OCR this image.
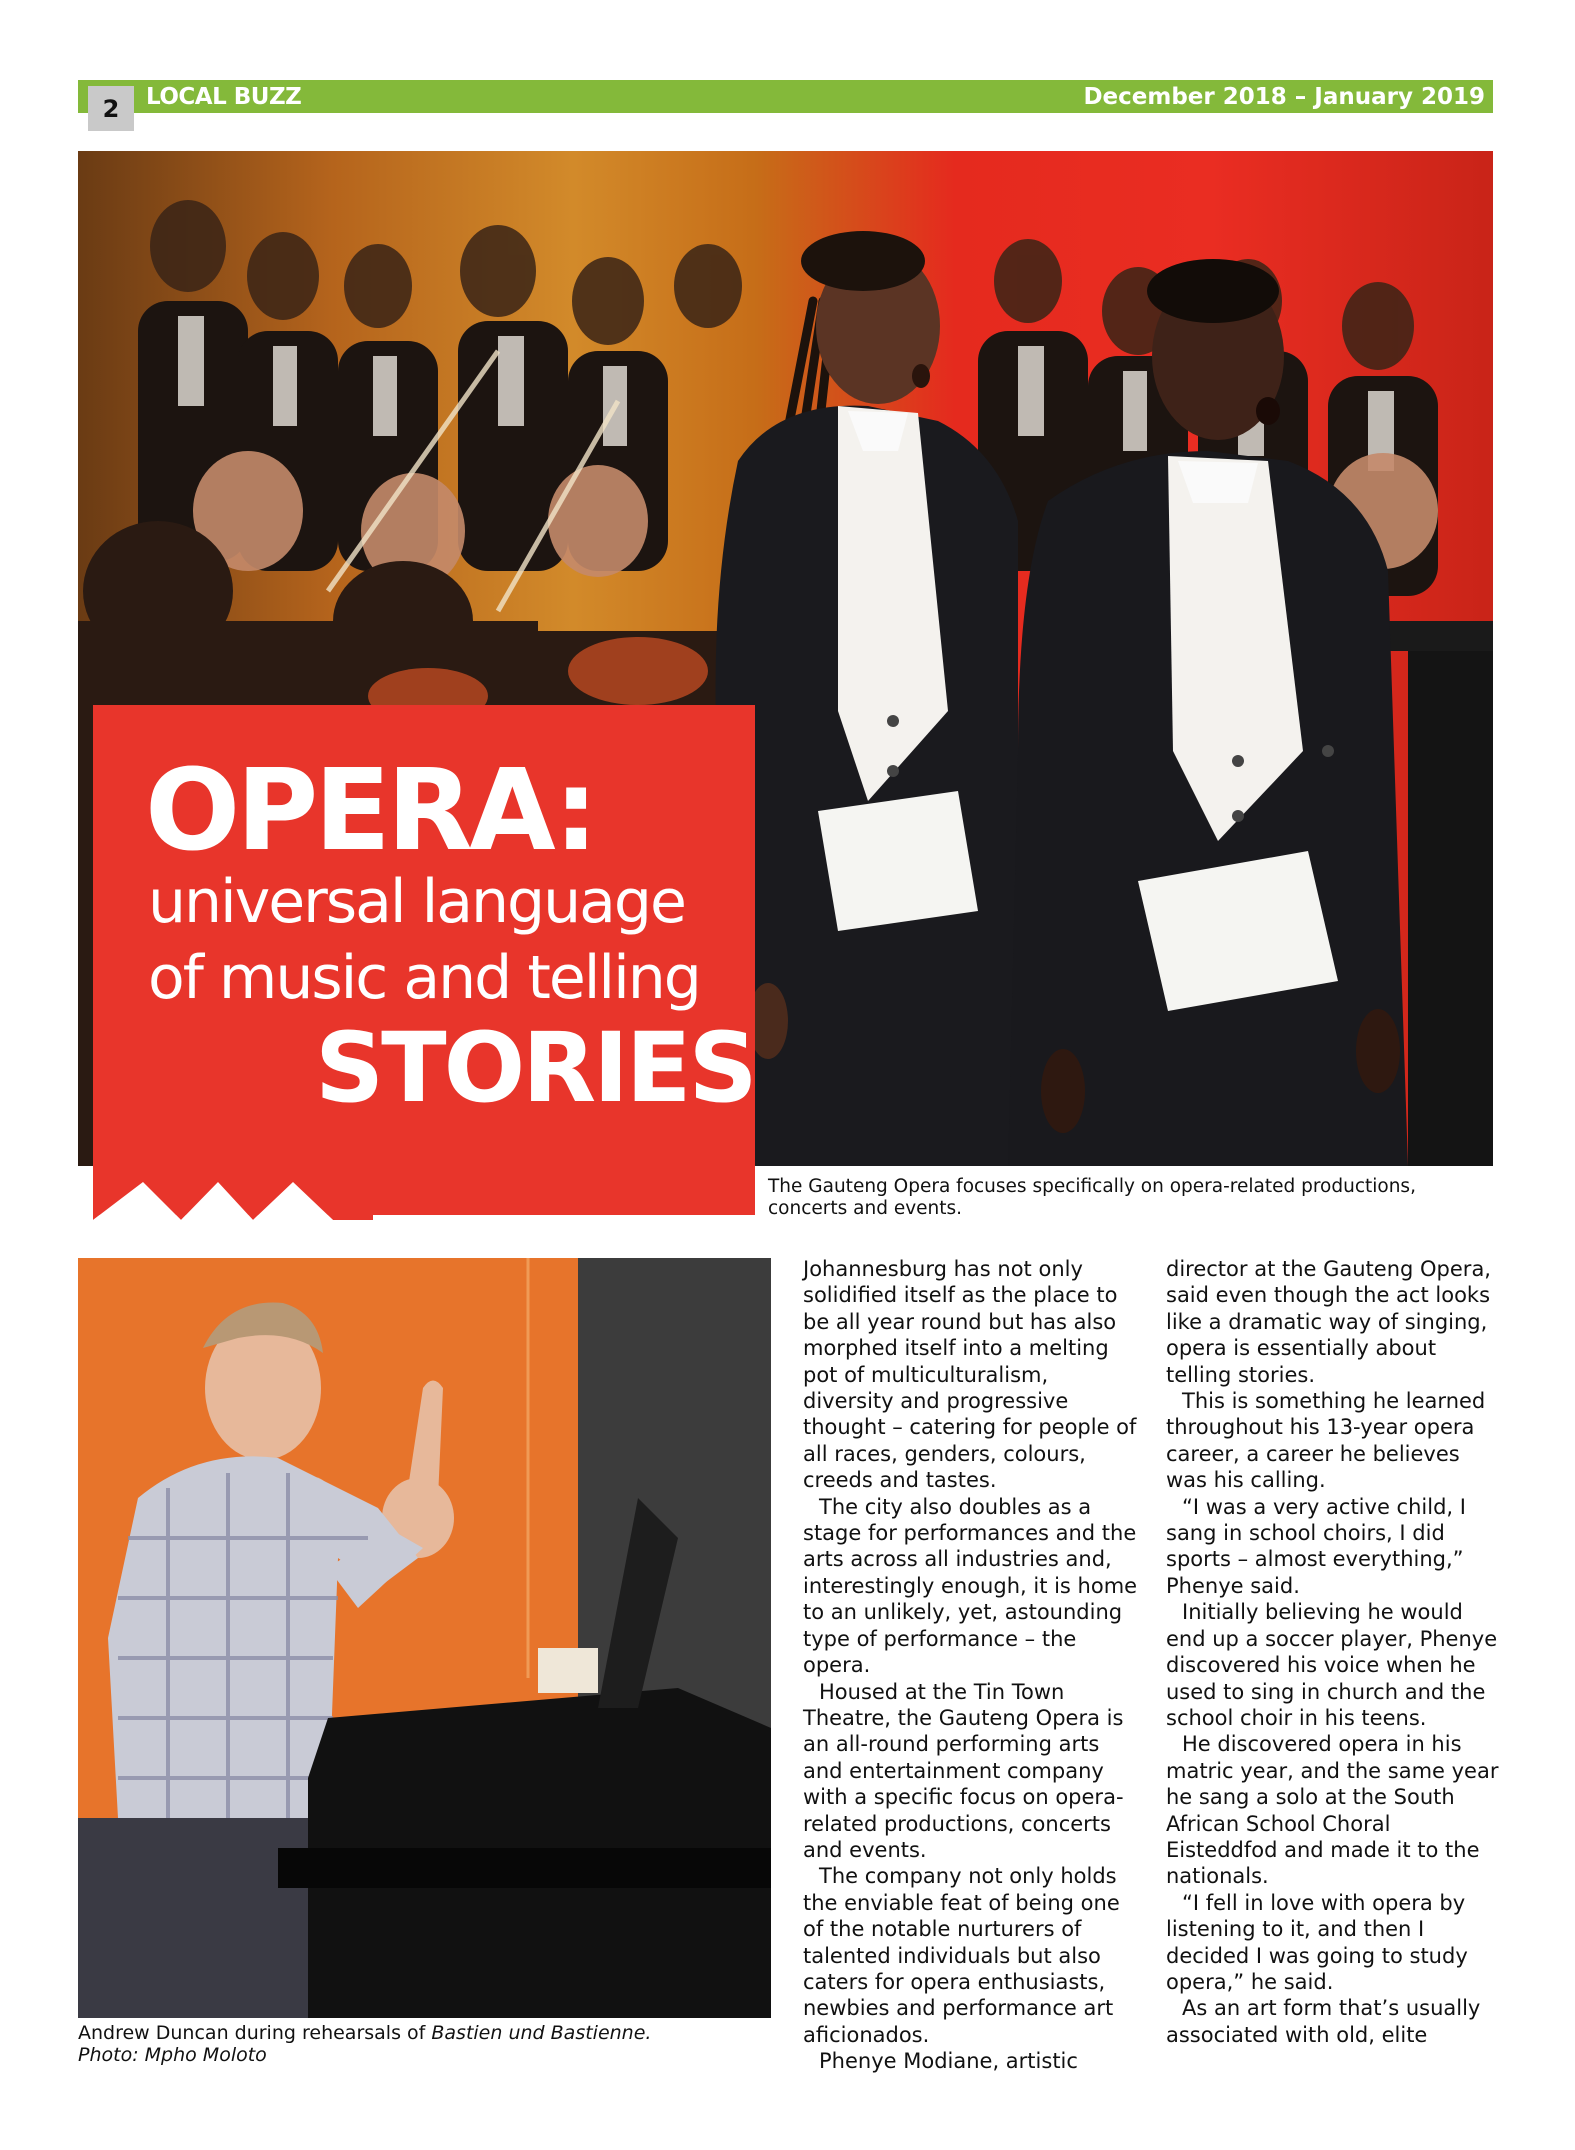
2	LOCAL BUZZ	December 2018 – January 2019
OPERA:
universal language
of music and telling
STORIES
The Gauteng Opera focuses specifically on opera-related productions, concerts and events.
Andrew Duncan during rehearsals of Bastien und Bastienne.
Photo: Mpho Moloto

Johannesburg has not only solidified itself as the place to be all year round but has also morphed itself into a melting pot of multiculturalism, diversity and progressive thought – catering for people of all races, genders, colours, creeds and tastes.

The city also doubles as a stage for performances and the arts across all industries and, interestingly enough, it is home to an unlikely, yet, astounding type of performance – the opera.

Housed at the Tin Town Theatre, the Gauteng Opera is an all-round performing arts and entertainment company with a specific focus on opera-related productions, concerts and events.

The company not only holds the enviable feat of being one of the notable nurturers of talented individuals but also caters for opera enthusiasts, newbies and performance art aficionados.

Phenye Modiane, artistic

director at the Gauteng Opera, said even though the act looks like a dramatic way of singing, opera is essentially about telling stories.

This is something he learned throughout his 13-year opera career, a career he believes was his calling.

“I was a very active child, I sang in school choirs, I did sports – almost everything,” Phenye said.

Initially believing he would end up a soccer player, Phenye discovered his voice when he used to sing in church and the school choir in his teens.

He discovered opera in his matric year, and the same year he sang a solo at the South African School Choral Eisteddfod and made it to the nationals.

“I fell in love with opera by listening to it, and then I decided I was going to study opera,” he said.

As an art form that’s usually associated with old, elite
